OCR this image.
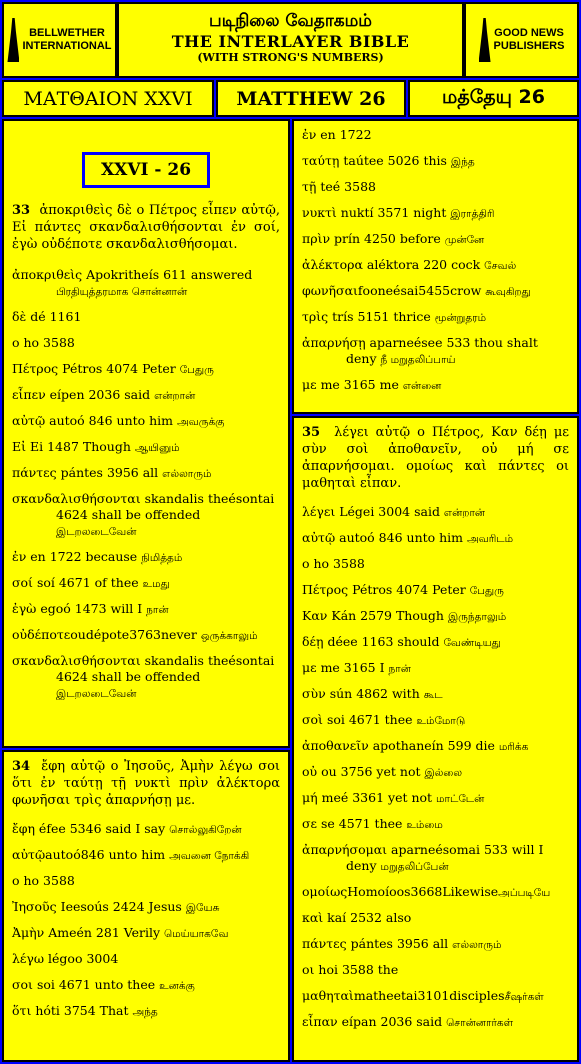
BELLWETHER
INTERNATIONAL
படிநிலை வேதாகமம்
THE INTERLAYER BIBLE
(WITH STRONG'S NUMBERS)
GOOD NEWS
PUBLISHERS
ΜΑΤΘΑΙΟΝ XXVI MATTHEW 26	மத்தேயு 26
XXVI - 26

33 ἀποκριθεὶς δὲ ο Πέτρος εἶπεν αὐτῷ, Εἰ πάντες σκανδαλισθήσονται ἐν σοί, ἐγὼ οὐδέποτε σκανδαλισθήσομαι.

ἀποκριθεὶς Apokritheís 611 answered பிரதியுத்தரமாக சொன்னான்

δὲ dé 1161

ο ho 3588

Πέτρος Pétros 4074 Peter பேதுரு

εἶπεν eípen 2036 said என்றான்

αὐτῷ autoó 846 unto him அவருக்கு

Εἰ Ei 1487 Though ஆயினும்

πάντες pántes 3956 all எல்லாரும்

σκανδαλισθήσονται skandalis theésontai 4624 shall be offended இடறலடைவேன்

ἐν en 1722 because நிமித்தம்

σοί soí 4671 of thee உமது

ἐγὼ egoó 1473 will I நான்

οὐδέποτεoudépote3763never ஒருக்காலும்

σκανδαλισθήσονται skandalis theésontai 4624 shall be offended இடறலடைவேன்

34 ἔφη αὐτῷ ο Ἰησοῦς, Ἀμὴν λέγω σοι ὅτι ἐν ταύτῃ τῇ νυκτὶ πρὶν ἀλέκτορα φωνῆσαι τρὶς ἀπαρνήσῃ με.

ἔφη éfee 5346 said I say சொல்லுகிறேன்

αὐτῷautoó846 unto him அவனை நோக்கி

ο ho 3588

Ἰησοῦς Ieesoús 2424 Jesus இயேசு

Ἀμὴν Ameén 281 Verily மெய்யாகவே

λέγω légoo 3004

σοι soi 4671 unto thee உனக்கு

ὅτι hóti 3754 That அந்த

ἐν en 1722

ταύτῃ taútee 5026 this இந்த

τῇ teé 3588

νυκτὶ nuktí 3571 night இராத்திரி

πρὶν prín 4250 before முன்னே

ἀλέκτορα aléktora 220 cock சேவல்

φωνῆσαιfooneésai5455crow கூவுகிறது

τρὶς trís 5151 thrice மூன்றுதரம்

ἀπαρνήσῃ aparneésee 533 thou shalt deny நீ மறுதலிப்பாய்

με me 3165 me என்னை

35 λέγει αὐτῷ ο Πέτρος, Καν δέῃ με σὺν σοὶ ἀποθανεῖν, οὐ μή σε ἀπαρνήσομαι. ομοίως καὶ πάντες οι μαθηταὶ εἶπαν.

λέγει Légei 3004 said என்றான்

αὐτῷ autoó 846 unto him அவரிடம்

ο ho 3588

Πέτρος Pétros 4074 Peter பேதுரு

Καν Kán 2579 Though இருந்தாலும்

δέῃ déee 1163 should வேண்டியது

με me 3165 I நான்

σὺν sún 4862 with கூட

σοὶ soi 4671 thee உம்மோடு

ἀποθανεῖν apothaneín 599 die மரிக்க

οὐ ou 3756 yet not இல்லை

μή meé 3361 yet not மாட்டேன்

σε se 4571 thee உம்மை

ἀπαρνήσομαι aparneésomai 533 will I deny மறுதலிப்பேன்

ομοίωςHomoíoos3668Likewiseஅப்படியே

καὶ kaí 2532 also

πάντες pántes 3956 all எல்லாரும்

οι hoi 3588 the

μαθηταὶmatheetai3101disciplesசீஷர்கள்

εἶπαν eípan 2036 said சொன்னார்கள்
